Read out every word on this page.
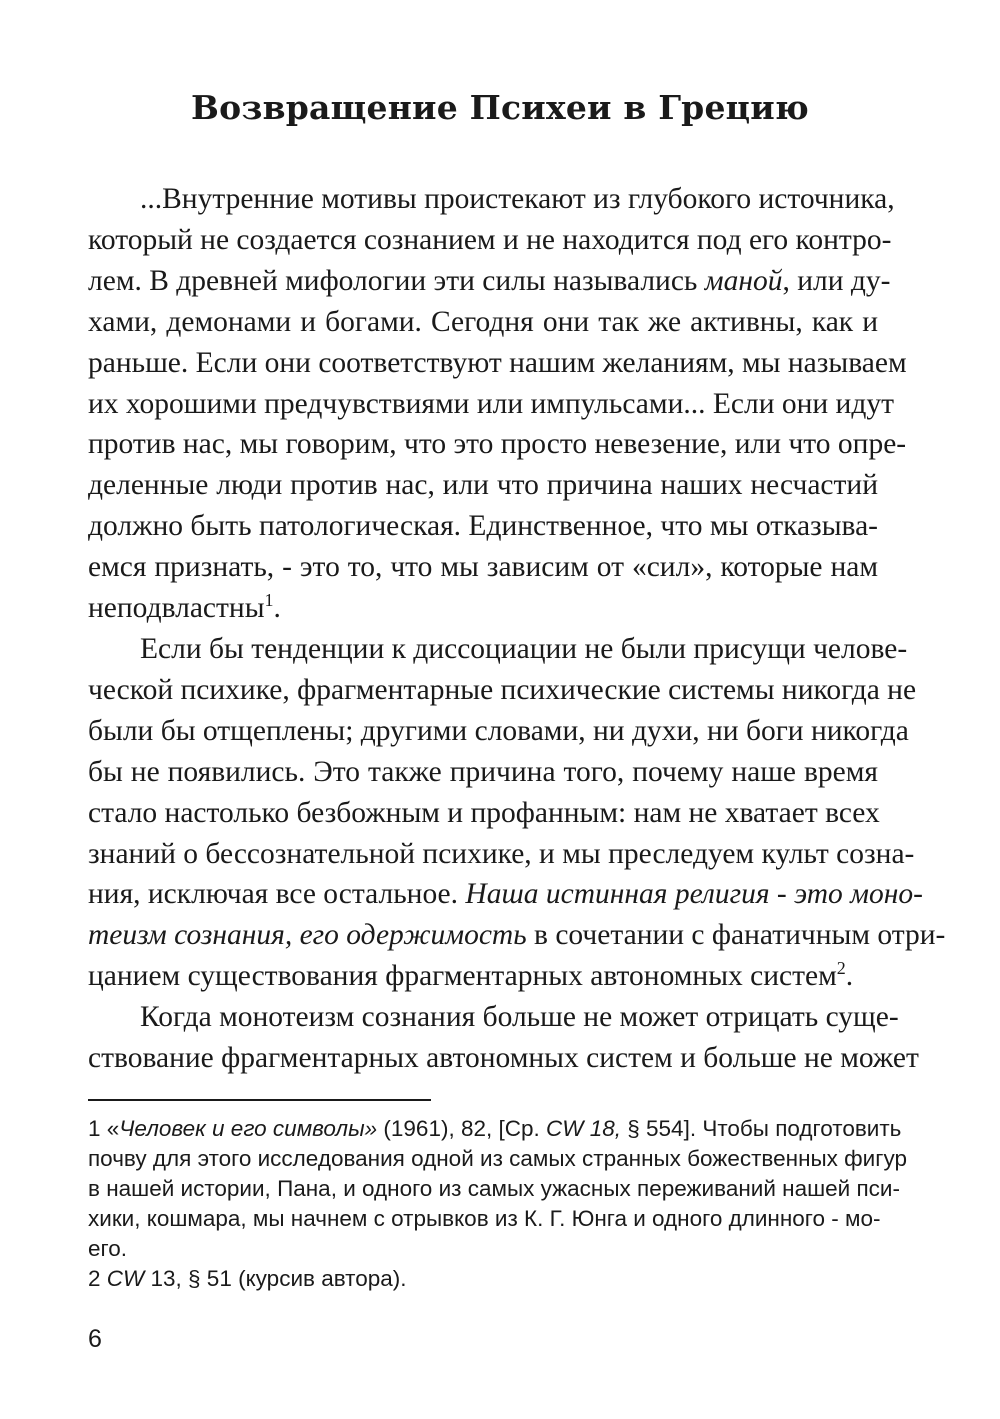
Возвращение Психеи в Грецию
...Внутренние мотивы проистекают из глубокого источника,
который не создается сознанием и не находится под его контро-
лем. В древней мифологии эти силы назывались маной, или ду-
хами, демонами и богами. Сегодня они так же активны, как и
раньше. Если они соответствуют нашим желаниям, мы называем
их хорошими предчувствиями или импульсами... Если они идут
против нас, мы говорим, что это просто невезение, или что опре-
деленные люди против нас, или что причина наших несчастий
должно быть патологическая. Единственное, что мы отказыва-
емся признать, - это то, что мы зависим от «сил», которые нам
неподвластны$^1$.
Если бы тенденции к диссоциации не были присущи челове-
ческой психике, фрагментарные психические системы никогда не
были бы отщеплены; другими словами, ни духи, ни боги никогда
бы не появились. Это также причина того, почему наше время
стало настолько безбожным и профанным: нам не хватает всех
знаний о бессознательной психике, и мы преследуем культ созна-
ния, исключая все остальное. Наша истинная религия - это моно-
теизм сознания, его одержимость в сочетании с фанатичным отри-
цанием существования фрагментарных автономных систем$^2$.
Когда монотеизм сознания больше не может отрицать суще-
ствование фрагментарных автономных систем и больше не может
1 «Человек и его символы» (1961), 82, [Ср. CW 18, § 554]. Чтобы подготовить
почву для этого исследования одной из самых странных божественных фигур
в нашей истории, Пана, и одного из самых ужасных переживаний нашей пси-
хики, кошмара, мы начнем с отрывков из К. Г. Юнга и одного длинного - мо-
его.
2 CW 13, § 51 (курсив автора).
6
